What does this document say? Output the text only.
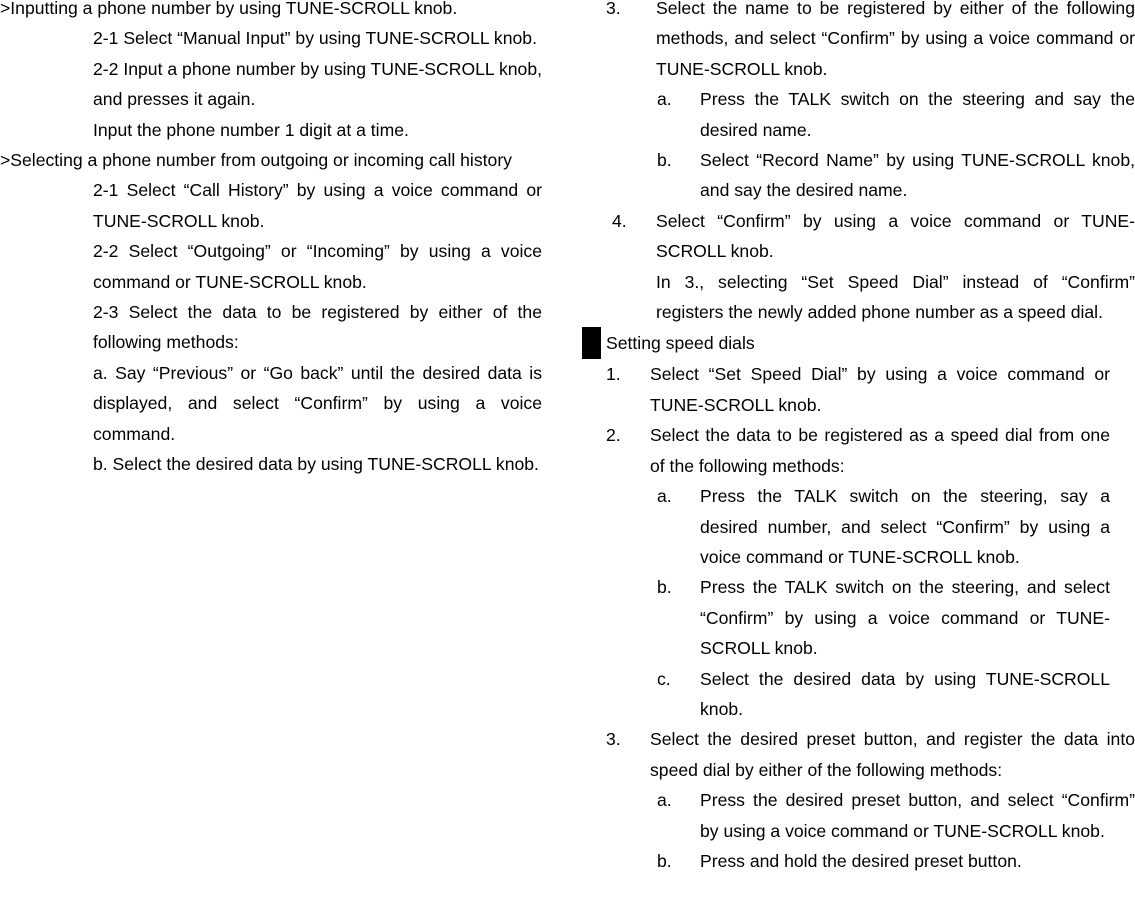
>Inputting a phone number by using TUNE-SCROLL knob.

2-1 Select “Manual Input” by using TUNE-SCROLL knob.

2-2 Input a phone number by using TUNE-SCROLL knob, and presses it again.

Input the phone number 1 digit at a time.

>Selecting a phone number from outgoing or incoming call history

2-1 Select “Call History” by using a voice command or TUNE-SCROLL knob.

2-2 Select “Outgoing” or “Incoming” by using a voice command or TUNE-SCROLL knob.

2-3 Select the data to be registered by either of the following methods:

a. Say “Previous” or “Go back” until the desired data is displayed, and select “Confirm” by using a voice command.

b. Select the desired data by using TUNE-SCROLL knob.

3.	Select the name to be registered by either of the following methods, and select “Confirm” by using a voice command or TUNE-SCROLL knob.
a.	Press the TALK switch on the steering and say the desired name.
b.	Select “Record Name” by using TUNE-SCROLL knob, and say the desired name.
4.	Select “Confirm” by using a voice command or TUNE-SCROLL knob.

In 3., selecting “Set Speed Dial” instead of “Confirm” registers the newly added phone number as a speed dial.

Setting speed dials
1.	Select “Set Speed Dial” by using a voice command or TUNE-SCROLL knob.
2.	Select the data to be registered as a speed dial from one of the following methods:
a.	Press the TALK switch on the steering, say a desired number, and select “Confirm” by using a voice command or TUNE-SCROLL knob.
b.	Press the TALK switch on the steering, and select “Confirm” by using a voice command or TUNE-SCROLL knob.
c.	Select the desired data by using TUNE-SCROLL knob.
3.	Select the desired preset button, and register the data into speed dial by either of the following methods:
a.	Press the desired preset button, and select “Confirm” by using a voice command or TUNE-SCROLL knob.
b.	Press and hold the desired preset button.
